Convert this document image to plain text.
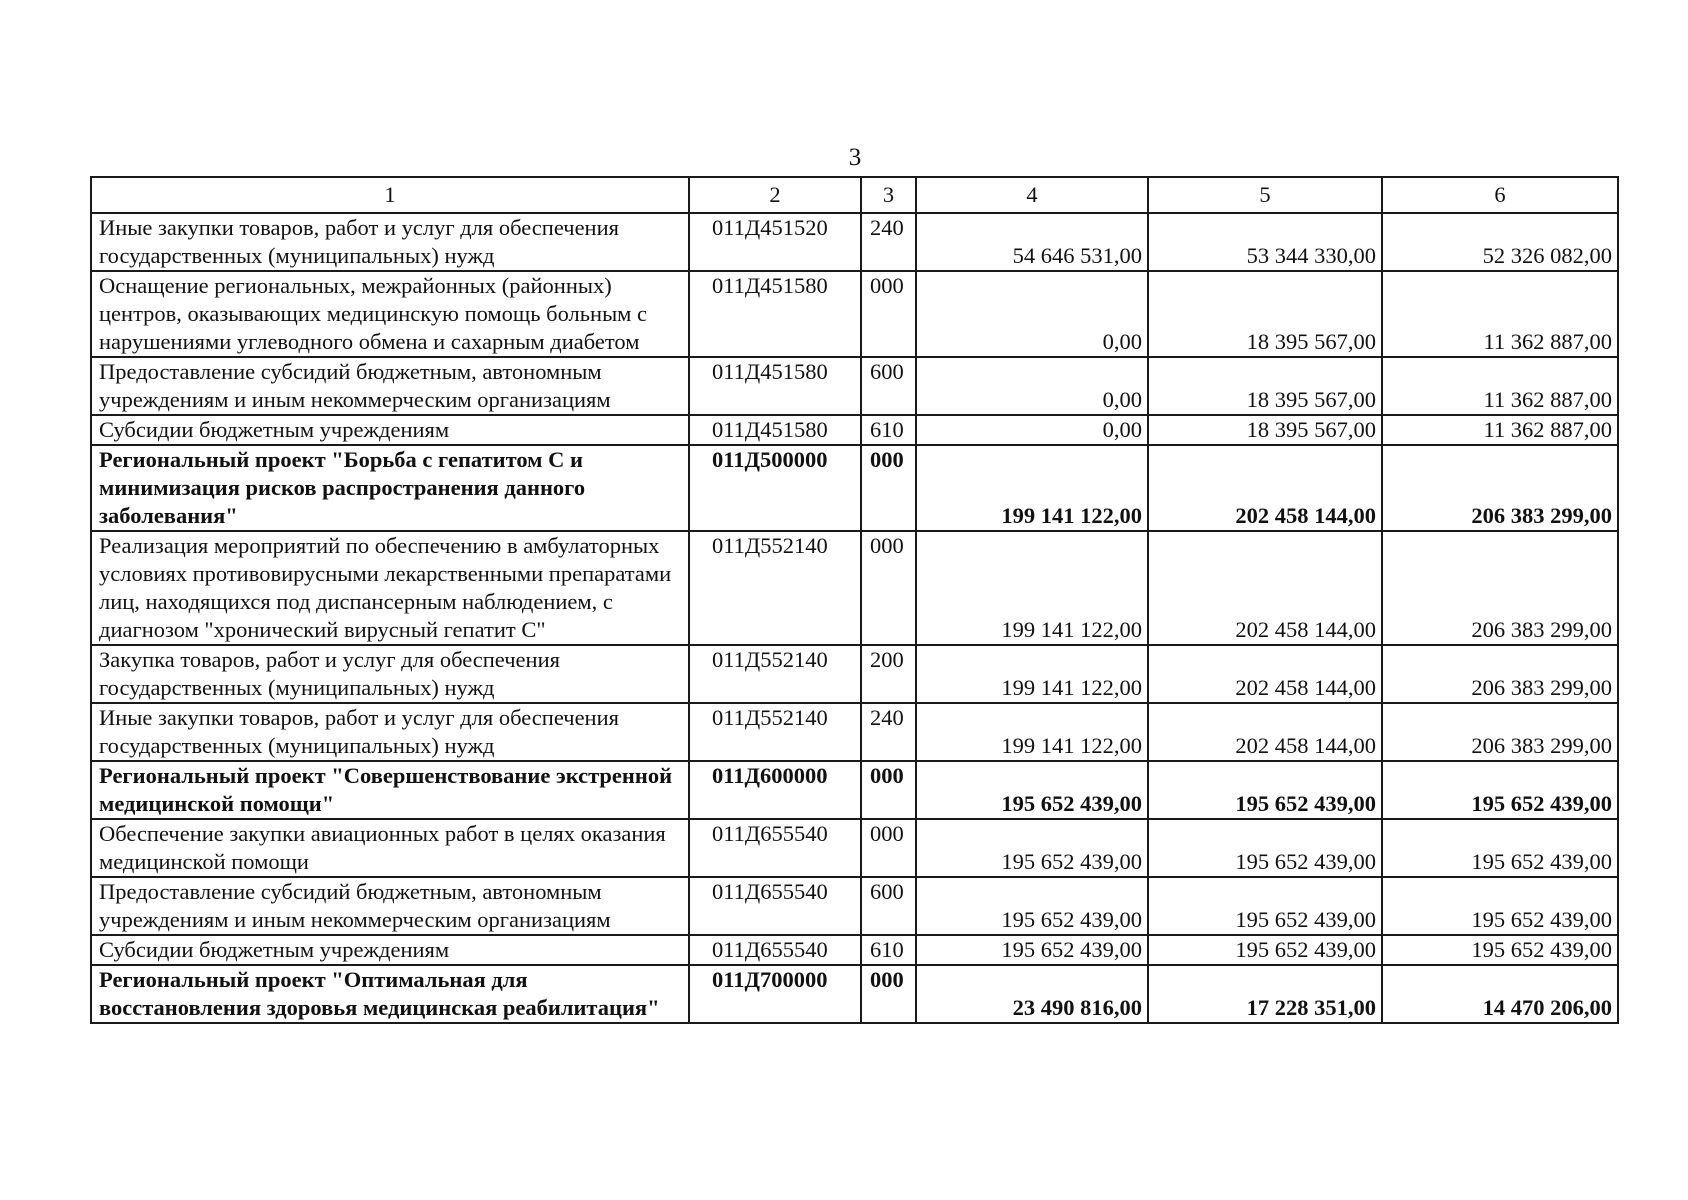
3
1	2	3	4	5	6
Иные закупки товаров, работ и услуг для обеспечения государственных (муниципальных) нужд	011Д451520	240	54 646 531,00	53 344 330,00	52 326 082,00
Оснащение региональных, межрайонных (районных) центров, оказывающих медицинскую помощь больным с нарушениями углеводного обмена и сахарным диабетом	011Д451580	000	0,00	18 395 567,00	11 362 887,00
Предоставление субсидий бюджетным, автономным учреждениям и иным некоммерческим организациям	011Д451580	600	0,00	18 395 567,00	11 362 887,00
Субсидии бюджетным учреждениям	011Д451580	610	0,00	18 395 567,00	11 362 887,00
Региональный проект "Борьба с гепатитом С и минимизация рисков распространения данного заболевания"	011Д500000	000	199 141 122,00	202 458 144,00	206 383 299,00
Реализация мероприятий по обеспечению в амбулаторных условиях противовирусными лекарственными препаратами лиц, находящихся под диспансерным наблюдением, с диагнозом "хронический вирусный гепатит С"	011Д552140	000	199 141 122,00	202 458 144,00	206 383 299,00
Закупка товаров, работ и услуг для обеспечения государственных (муниципальных) нужд	011Д552140	200	199 141 122,00	202 458 144,00	206 383 299,00
Иные закупки товаров, работ и услуг для обеспечения государственных (муниципальных) нужд	011Д552140	240	199 141 122,00	202 458 144,00	206 383 299,00
Региональный проект "Совершенствование экстренной медицинской помощи"	011Д600000	000	195 652 439,00	195 652 439,00	195 652 439,00
Обеспечение закупки авиационных работ в целях оказания медицинской помощи	011Д655540	000	195 652 439,00	195 652 439,00	195 652 439,00
Предоставление субсидий бюджетным, автономным учреждениям и иным некоммерческим организациям	011Д655540	600	195 652 439,00	195 652 439,00	195 652 439,00
Субсидии бюджетным учреждениям	011Д655540	610	195 652 439,00	195 652 439,00	195 652 439,00
Региональный проект "Оптимальная для восстановления здоровья медицинская реабилитация"	011Д700000	000	23 490 816,00	17 228 351,00	14 470 206,00
